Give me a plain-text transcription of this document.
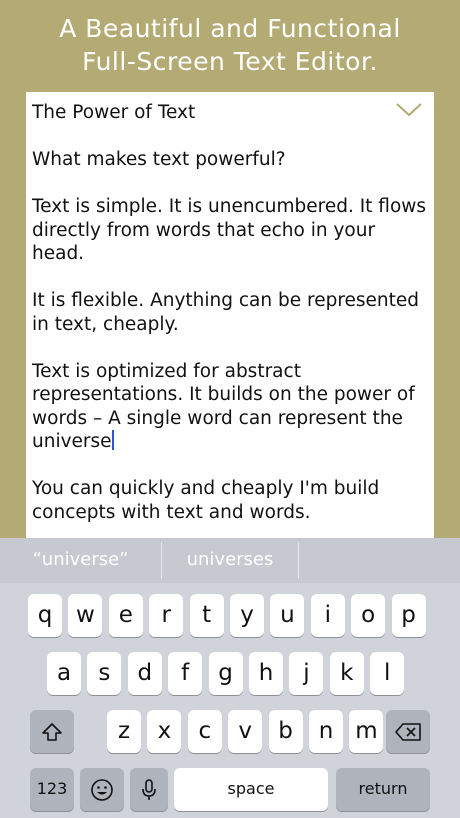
A Beautiful and Functional
Full-Screen Text Editor.
The Power of Text

What makes text powerful?

Text is simple. It is unencumbered. It flows directly from words that echo in your head.

It is flexible. Anything can be represented in text, cheaply.

Text is optimized for abstract representations. It builds on the power of words – A single word can represent the universe

You can quickly and cheaply I'm build concepts with text and words.

“universe”	universes
q	w	e	r	t	y	u	i	o	p
a	s	d	f	g	h	j	k	l
z	x	c	v	b	n m
123	space	return
